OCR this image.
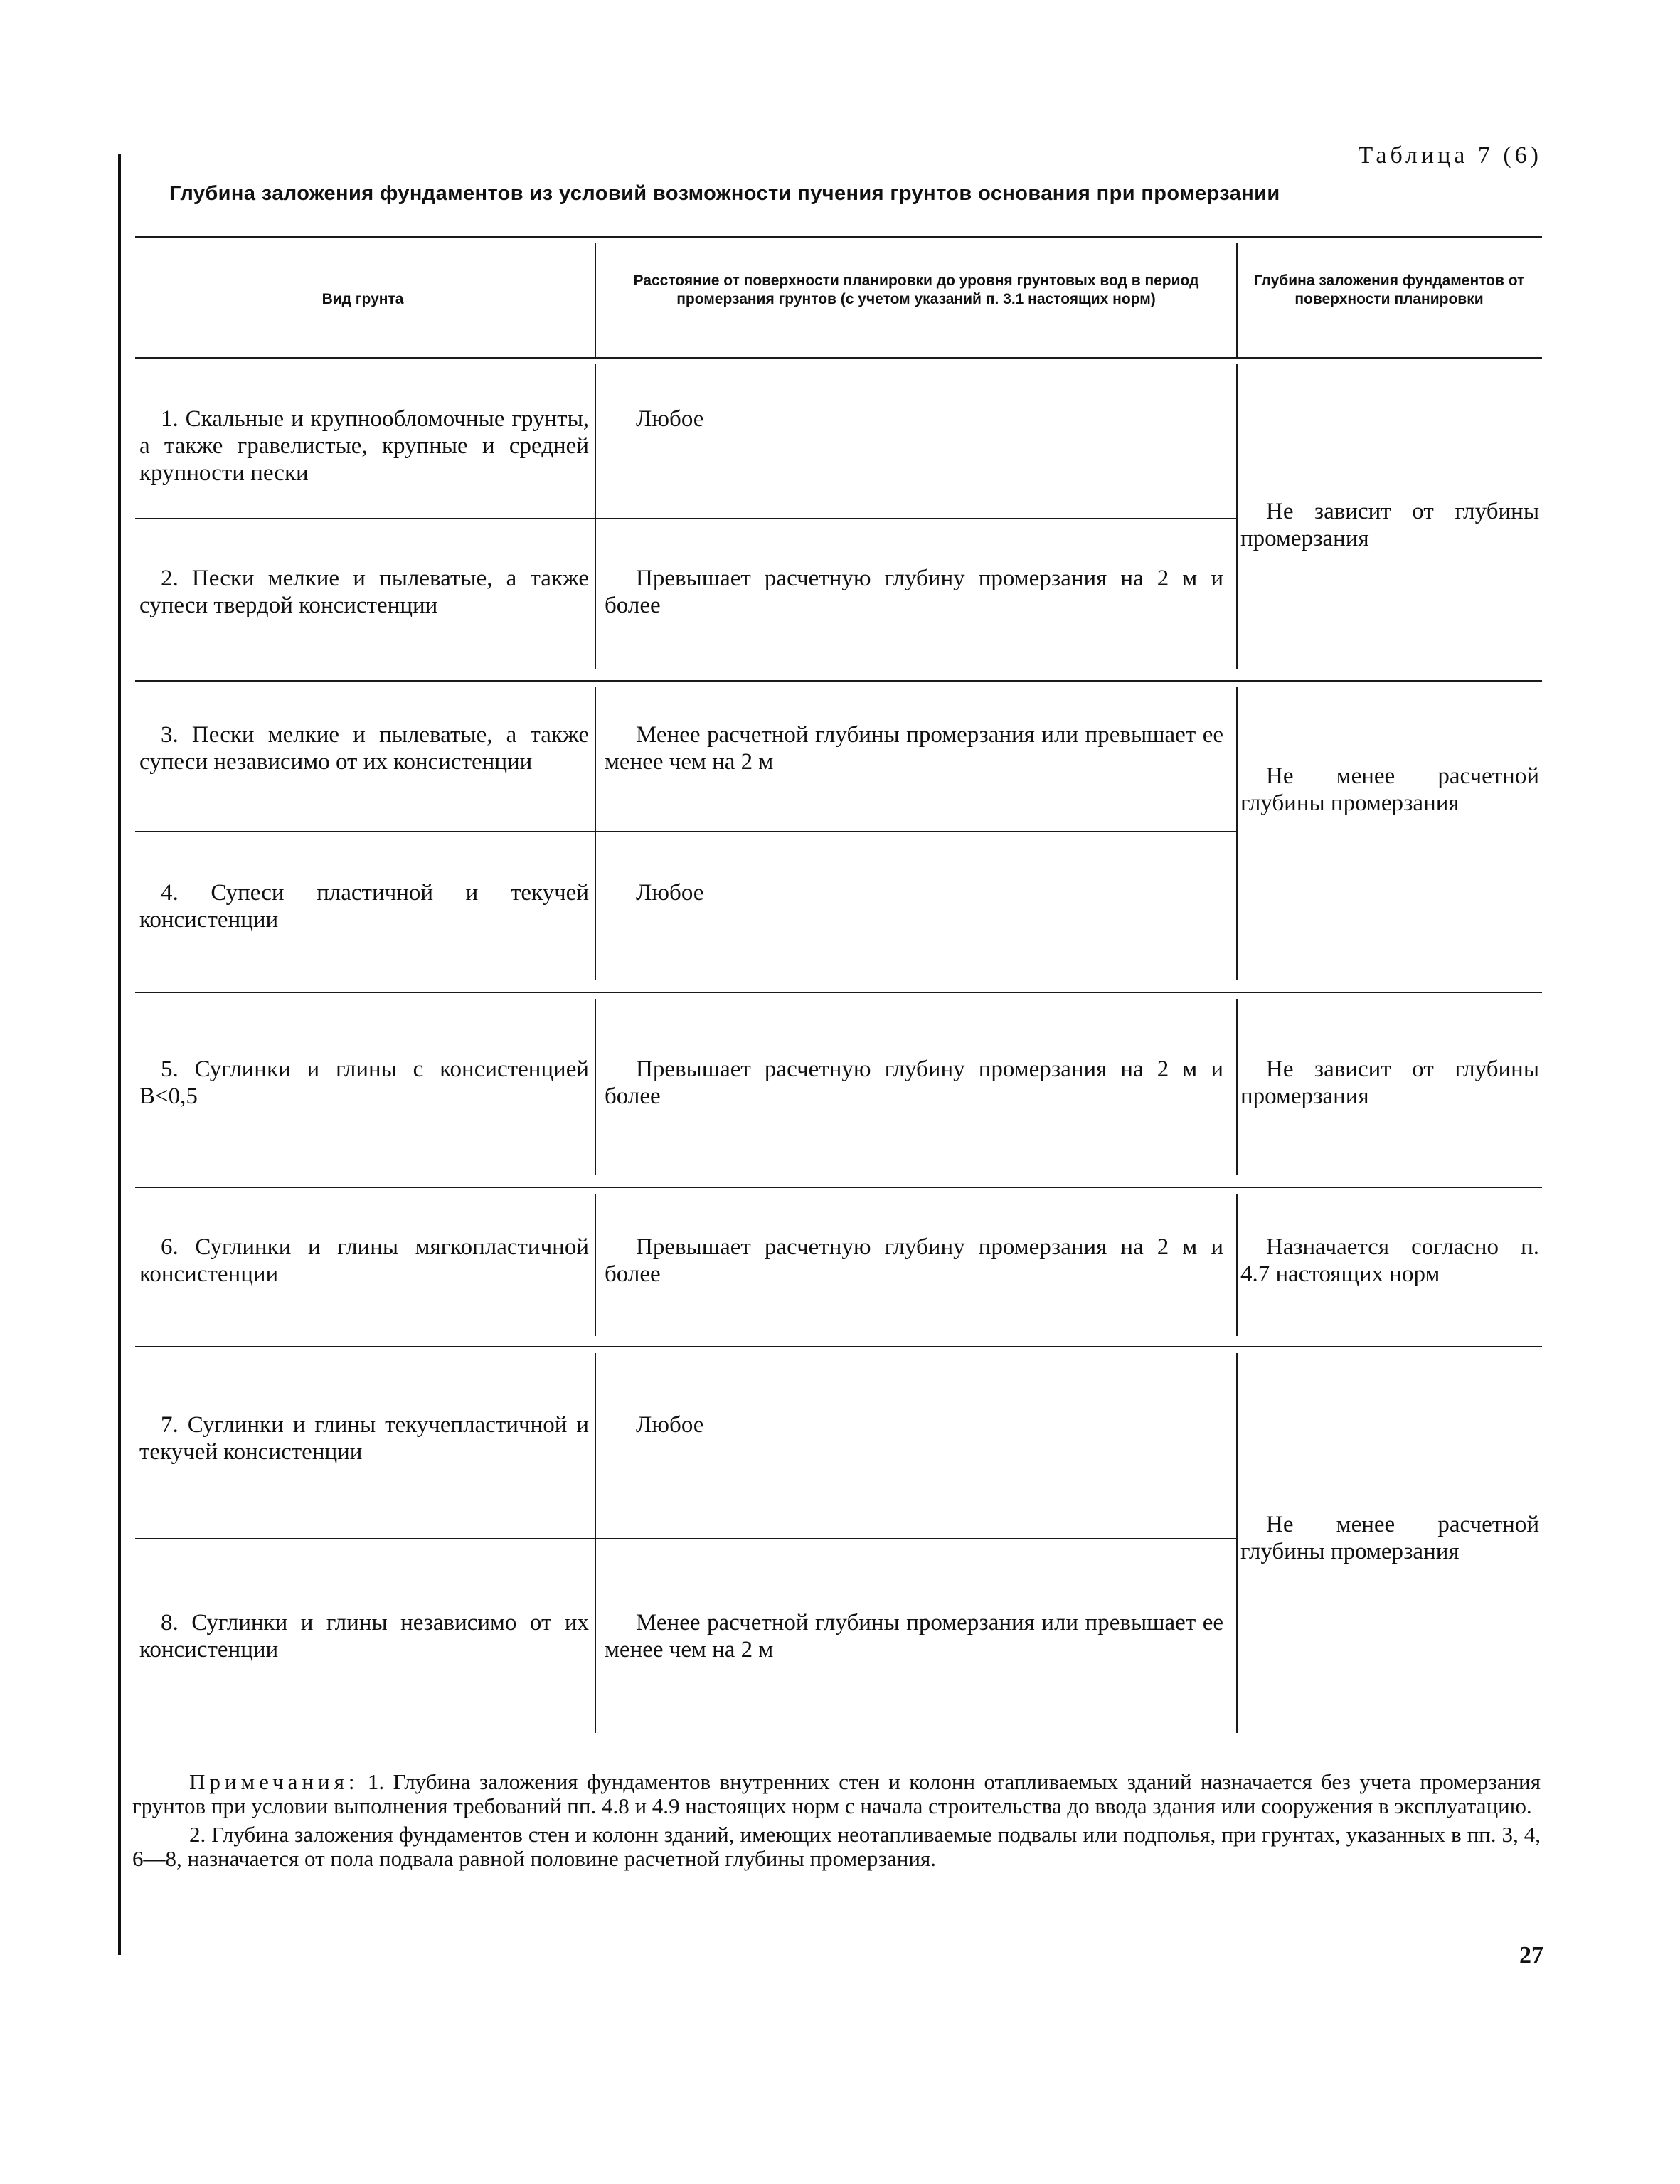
Таблица 7 (6)
Глубина заложения фундаментов из условий возможности пучения грунтов основания при промерзании
Вид грунта
Расстояние от поверхности планировки до уровня грунтовых вод в период промерзания грунтов (с учетом указаний п. 3.1 настоящих норм)
Глубина заложения фундаментов от поверхности планировки
1. Скальные и крупнообломочные грунты, а также гравелистые, крупные и средней крупности пески
2. Пески мелкие и пылеватые, а также супеси твердой консистенции
3. Пески мелкие и пылеватые, а также супеси независимо от их консистенции
4. Супеси пластичной и текучей консистенции
5. Суглинки и глины с консистенцией B<0,5
6. Суглинки и глины мягкопластичной консистенции
7. Суглинки и глины текучепластичной и текучей консистенции
8. Суглинки и глины независимо от их консистенции
Любое
Превышает расчетную глубину промерзания на 2 м и более
Менее расчетной глубины промерзания или превышает ее менее чем на 2 м
Любое
Превышает расчетную глубину промерзания на 2 м и более
Превышает расчетную глубину промерзания на 2 м и более
Любое
Менее расчетной глубины промерзания или превышает ее менее чем на 2 м
Не зависит от глубины промерзания
Не менее расчетной глубины промерзания
Не зависит от глубины промерзания
Назначается согласно п. 4.7 настоящих норм
Не менее расчетной глубины промерзания

Примечания: 1. Глубина заложения фундаментов внутренних стен и колонн отапливаемых зданий назначается без учета промерзания грунтов при условии выполнения требований пп. 4.8 и 4.9 настоящих норм с начала строительства до ввода здания или сооружения в эксплуатацию.

2. Глубина заложения фундаментов стен и колонн зданий, имеющих неотапливаемые подвалы или подполья, при грунтах, указанных в пп. 3, 4, 6—8, назначается от пола подвала равной половине расчетной глубины промерзания.

27
